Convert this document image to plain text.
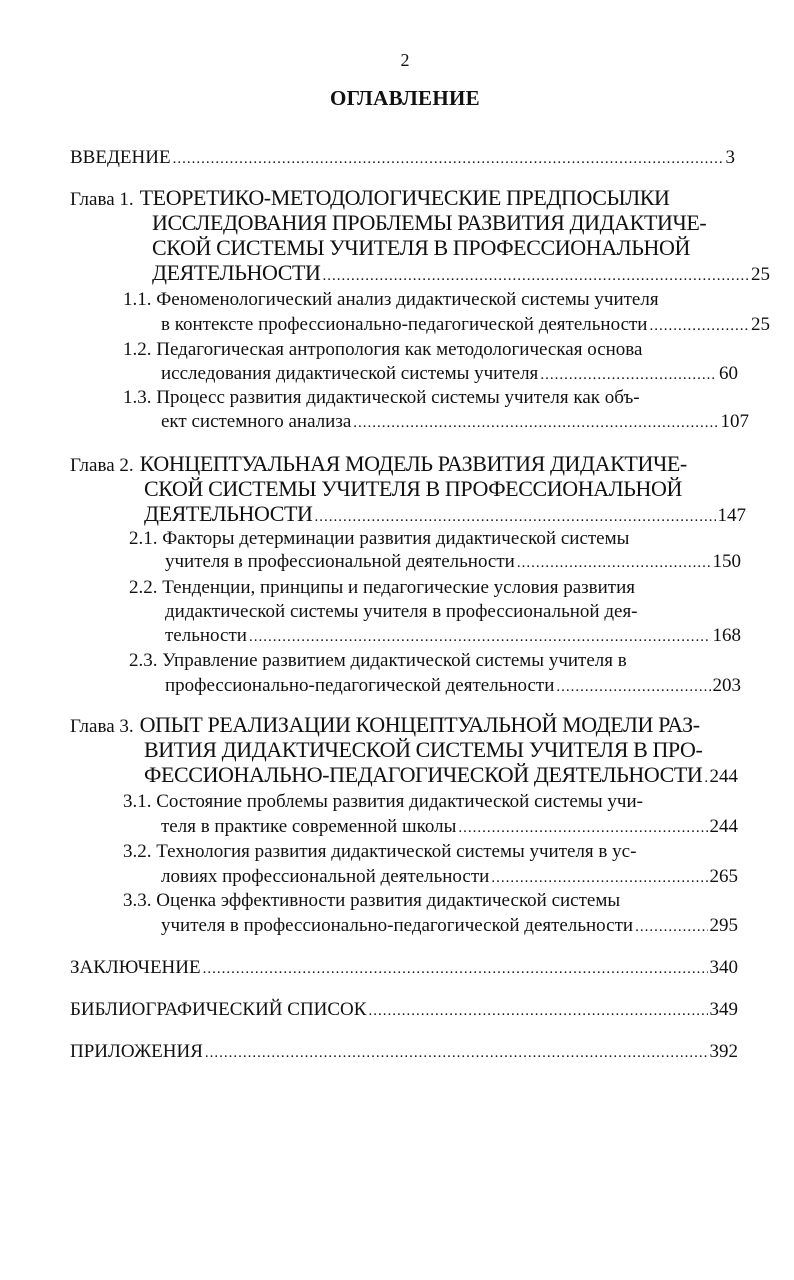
2
ОГЛАВЛЕНИЕ
ВВЕДЕНИЕ .....	3
Глава 1. ТЕОРЕТИКО-МЕТОДОЛОГИЧЕСКИЕ ПРЕДПОСЫЛКИ
ИССЛЕДОВАНИЯ ПРОБЛЕМЫ РАЗВИТИЯ ДИДАКТИЧЕ-
СКОЙ СИСТЕМЫ УЧИТЕЛЯ В ПРОФЕССИОНАЛЬНОЙ
ДЕЯТЕЛЬНОСТИ .....	25
1.1. Феноменологический анализ дидактической системы учителя
в контексте профессионально-педагогической деятельности .....	25
1.2. Педагогическая антропология как методологическая основа
исследования дидактической системы учителя .....	60
1.3. Процесс развития дидактической системы учителя как объ-
ект системного анализа .....	107
Глава 2. КОНЦЕПТУАЛЬНАЯ МОДЕЛЬ РАЗВИТИЯ ДИДАКТИЧЕ-
СКОЙ СИСТЕМЫ УЧИТЕЛЯ В ПРОФЕССИОНАЛЬНОЙ
ДЕЯТЕЛЬНОСТИ .....	147
2.1. Факторы детерминации развития дидактической системы
учителя в профессиональной деятельности .....	150
2.2. Тенденции, принципы и педагогические условия развития
дидактической системы учителя в профессиональной дея-
тельности .....	168
2.3. Управление развитием дидактической системы учителя в
профессионально-педагогической деятельности .....	203
Глава 3. ОПЫТ РЕАЛИЗАЦИИ КОНЦЕПТУАЛЬНОЙ МОДЕЛИ РАЗ-
ВИТИЯ ДИДАКТИЧЕСКОЙ СИСТЕМЫ УЧИТЕЛЯ В ПРО-
ФЕССИОНАЛЬНО-ПЕДАГОГИЧЕСКОЙ ДЕЯТЕЛЬНОСТИ ..... 244
3.1. Состояние проблемы развития дидактической системы учи-
теля в практике современной школы .....	244
3.2. Технология развития дидактической системы учителя в ус-
ловиях профессиональной деятельности .....	265
3.3. Оценка эффективности развития дидактической системы
учителя в профессионально-педагогической деятельности .....	295
ЗАКЛЮЧЕНИЕ .....	340
БИБЛИОГРАФИЧЕСКИЙ СПИСОК .....	349
ПРИЛОЖЕНИЯ .....	392
